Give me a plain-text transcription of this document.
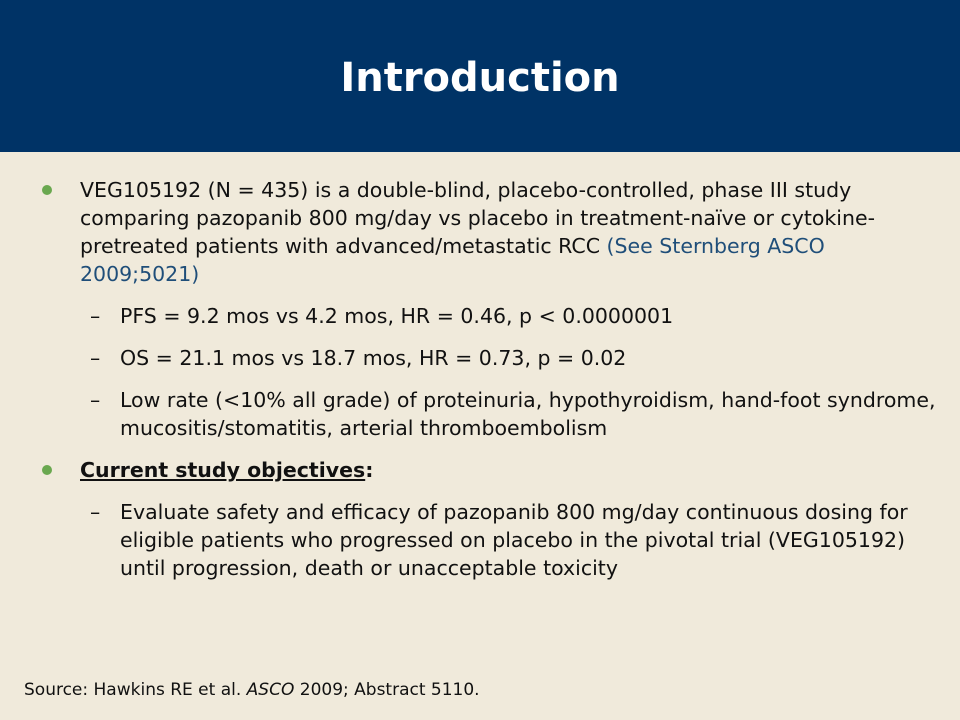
Introduction
VEG105192 (N = 435) is a double-blind, placebo-controlled, phase III study comparing pazopanib 800 mg/day vs placebo in treatment-naïve or cytokine-pretreated patients with advanced/metastatic RCC (See Sternberg ASCO 2009;5021)
– PFS = 9.2 mos vs 4.2 mos, HR = 0.46, p < 0.0000001
– OS = 21.1 mos vs 18.7 mos, HR = 0.73, p = 0.02
– Low rate (<10% all grade) of proteinuria, hypothyroidism, hand-foot syndrome, mucositis/stomatitis, arterial thromboembolism
Current study objectives:
– Evaluate safety and efficacy of pazopanib 800 mg/day continuous dosing for eligible patients who progressed on placebo in the pivotal trial (VEG105192) until progression, death or unacceptable toxicity
Source: Hawkins RE et al. ASCO 2009; Abstract 5110.
